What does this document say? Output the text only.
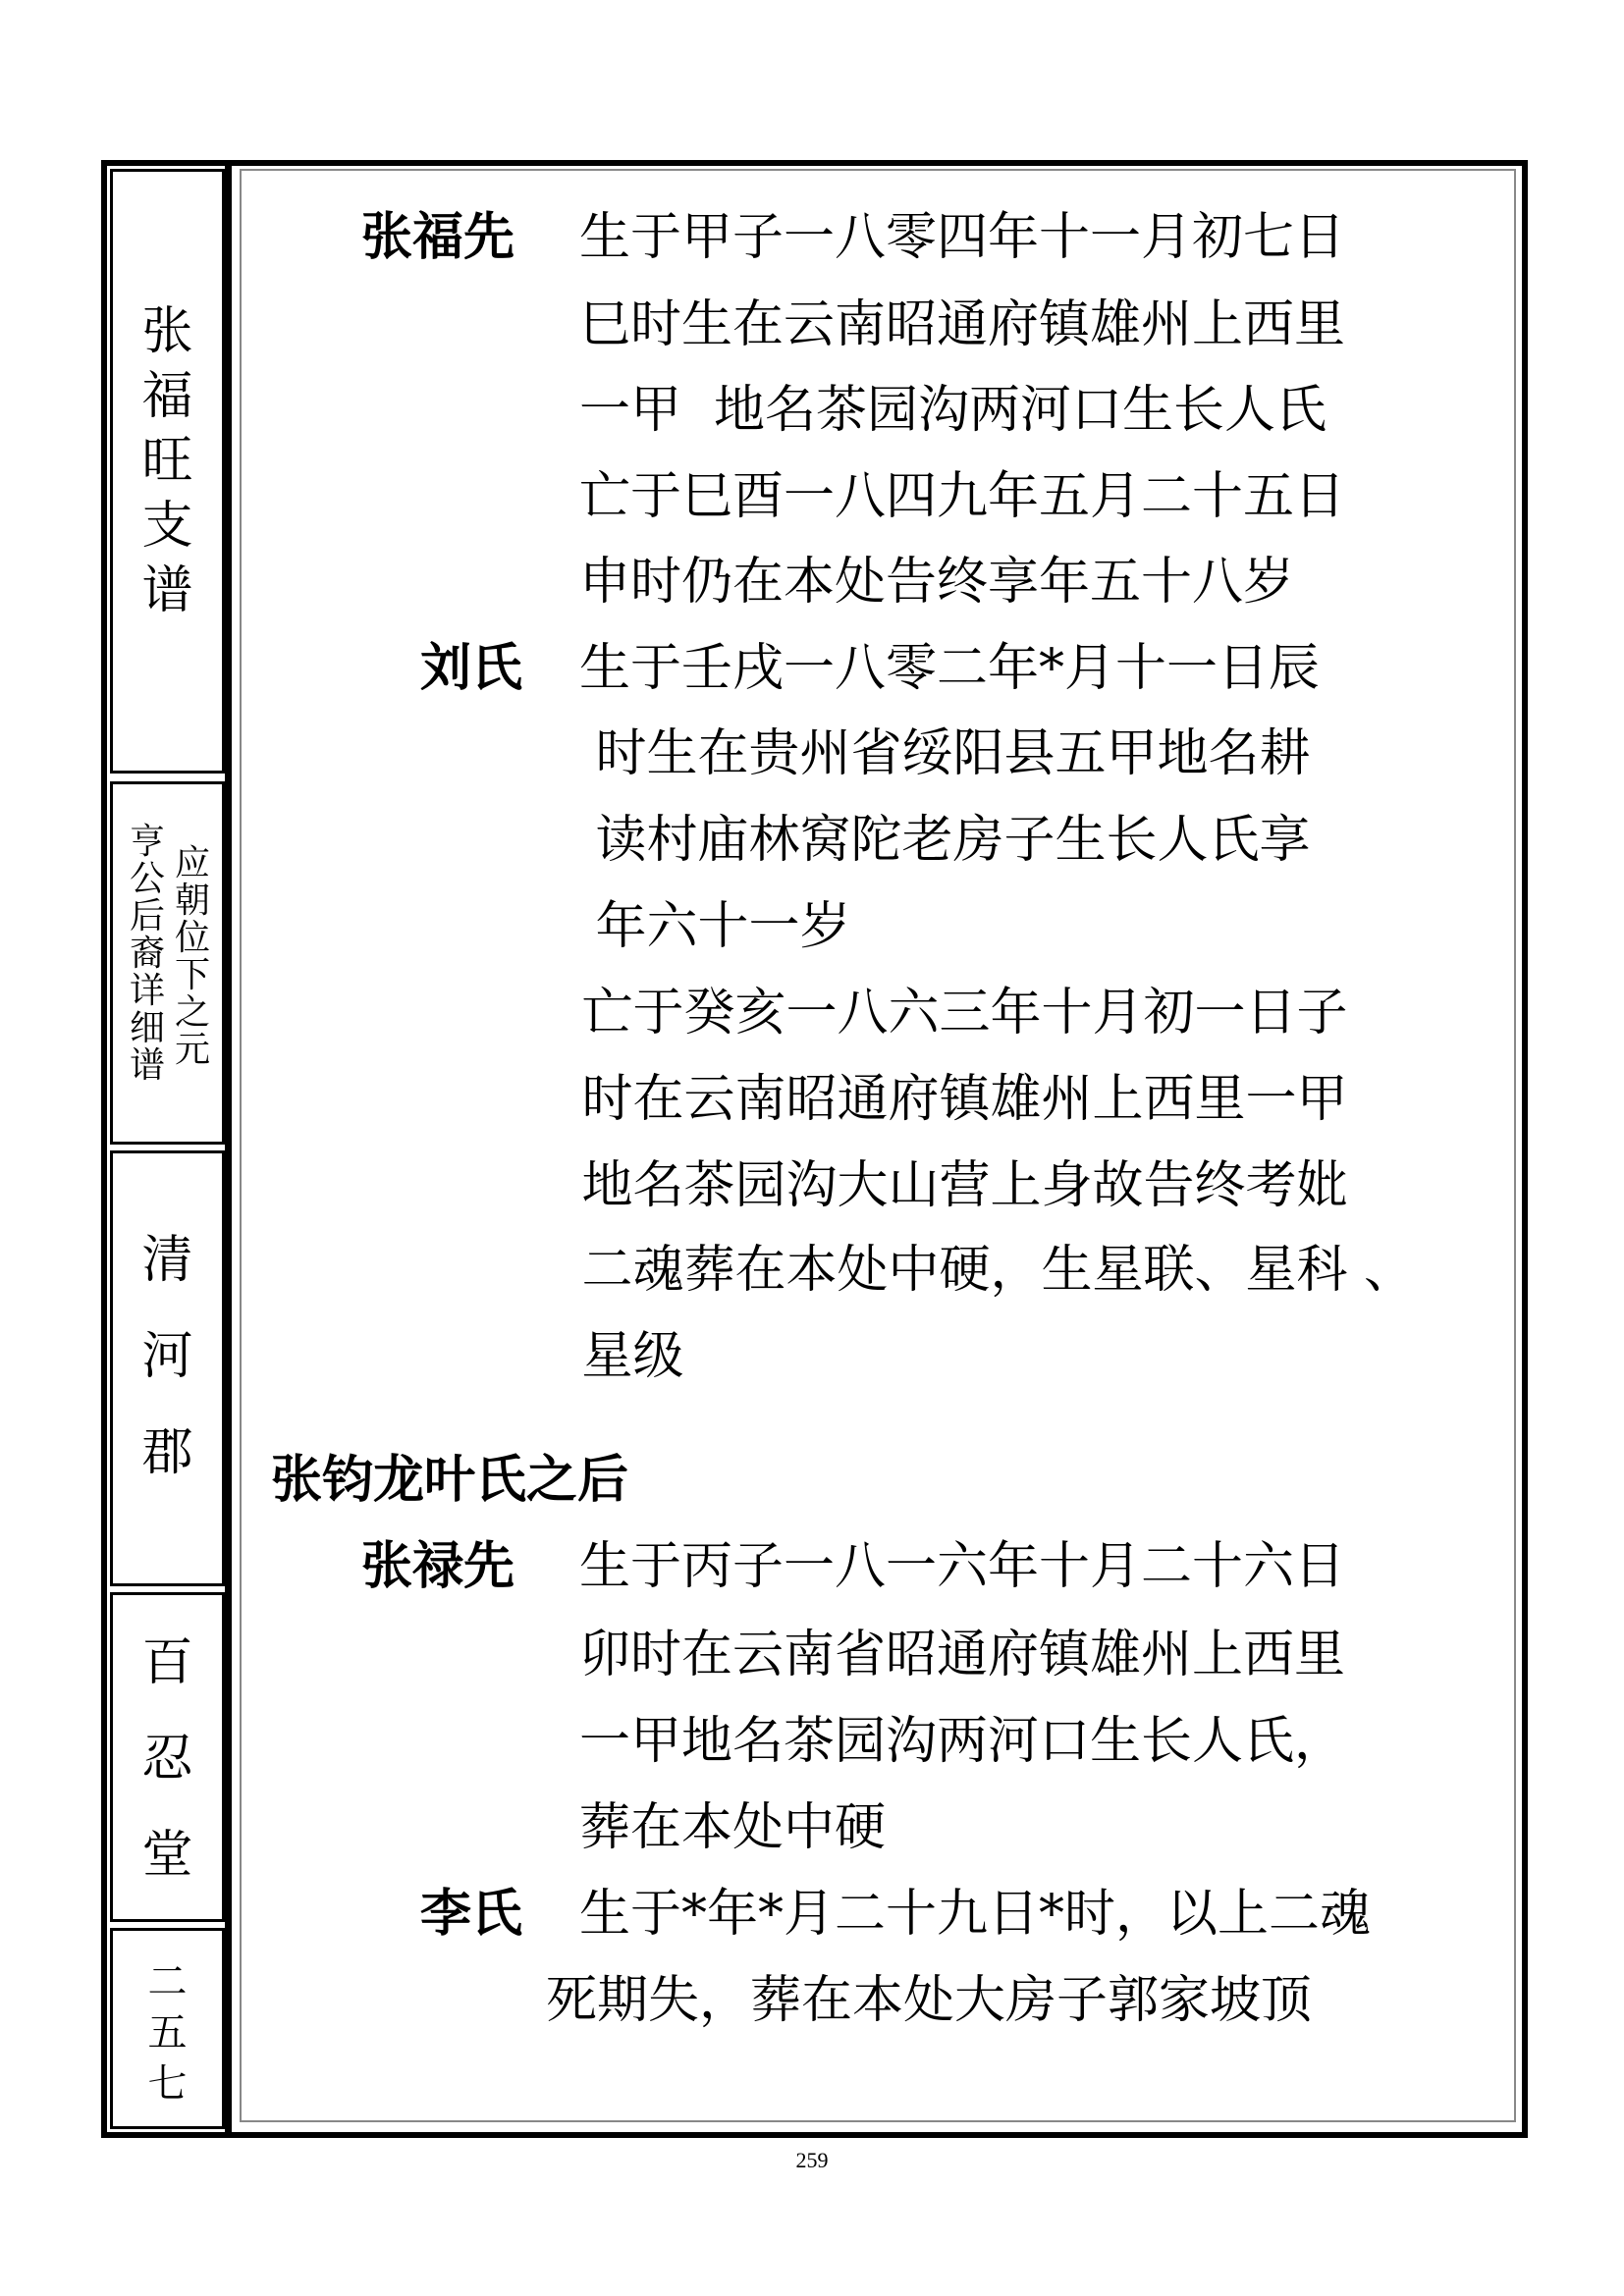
张
福
旺
支
谱
应
朝
位
下
之
元
亨
公
后
裔
详
细
谱
清
河
郡
百
忍
堂
二
五
七
张福先 生于甲子一八零四年十一月初七日
巳时生在云南昭通府镇雄州上西里
一甲  地名茶园沟两河口生长人氏
亡于巳酉一八四九年五月二十五日
申时仍在本处告终享年五十八岁
刘氏 生于壬戌一八零二年*月十一日辰
时生在贵州省绥阳县五甲地名耕
读村庙林窝陀老房子生长人氏享
年六十一岁
亡于癸亥一八六三年十月初一日子
时在云南昭通府镇雄州上西里一甲
地名茶园沟大山营上身故告终考妣
二魂葬在本处中硬，生星联、星科 、
星级
张钧龙叶氏之后
张禄先 生于丙子一八一六年十月二十六日
卯时在云南省昭通府镇雄州上西里
一甲地名茶园沟两河口生长人氏，
葬在本处中硬
李氏 生于*年*月二十九日*时，以上二魂
死期失，葬在本处大房子郭家坡顶
259
